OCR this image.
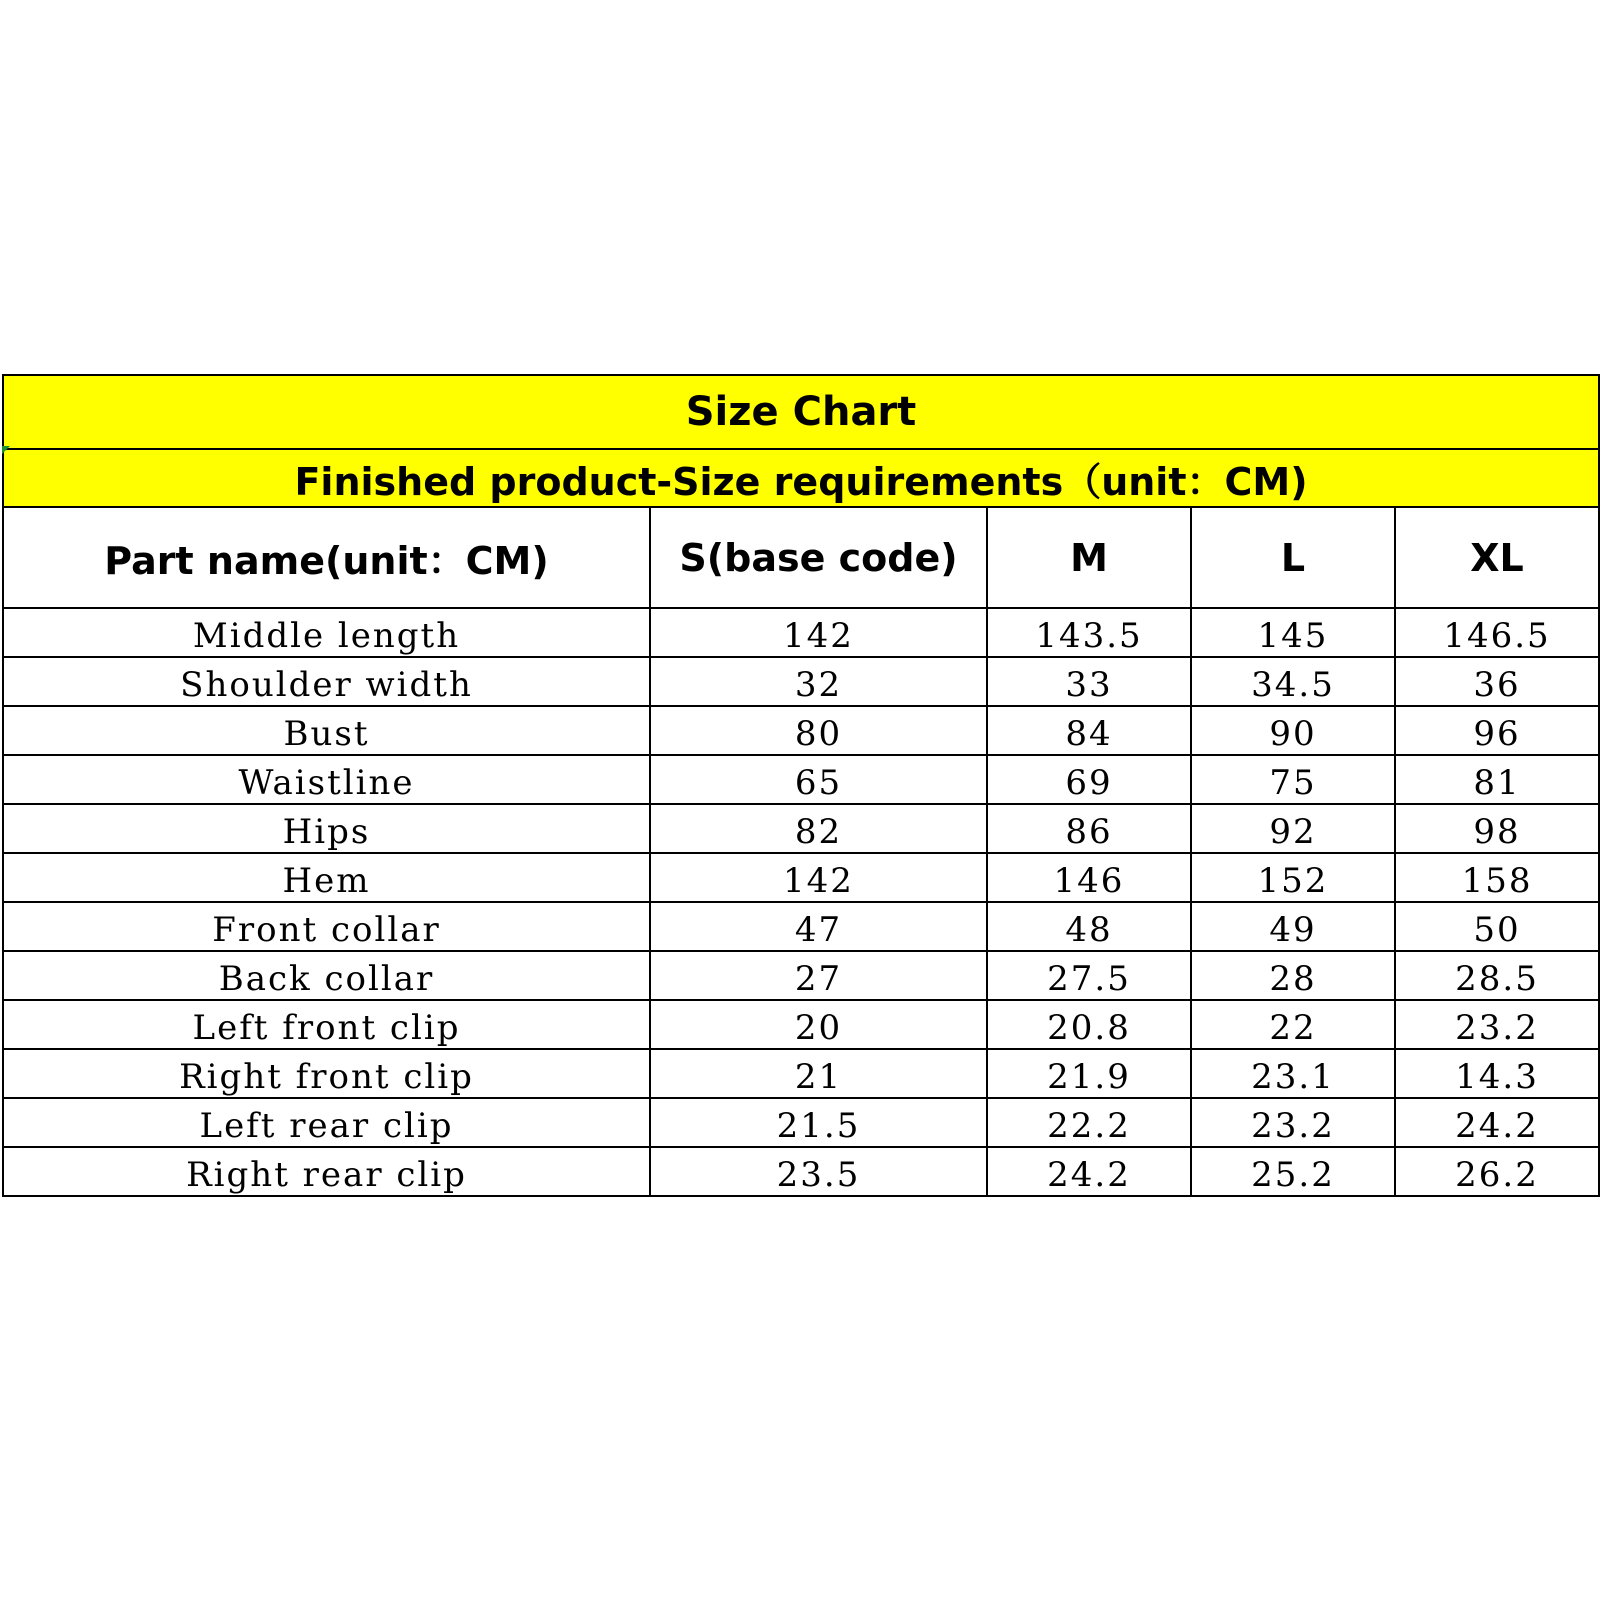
Size Chart				
Finished product-Size requirements（unit：CM)				
Part name(unit：CM)	S(base code)	M	L	XL
Middle length	142	143.5	145	146.5
Shoulder width	32	33	34.5	36
Bust	80	84	90	96
Waistline	65	69	75	81
Hips	82	86	92	98
Hem	142	146	152	158
Front collar	47	48	49	50
Back collar	27	27.5	28	28.5
Left front clip	20	20.8	22	23.2
Right front clip	21	21.9	23.1	14.3
Left rear clip	21.5	22.2	23.2	24.2
Right rear clip	23.5	24.2	25.2	26.2
